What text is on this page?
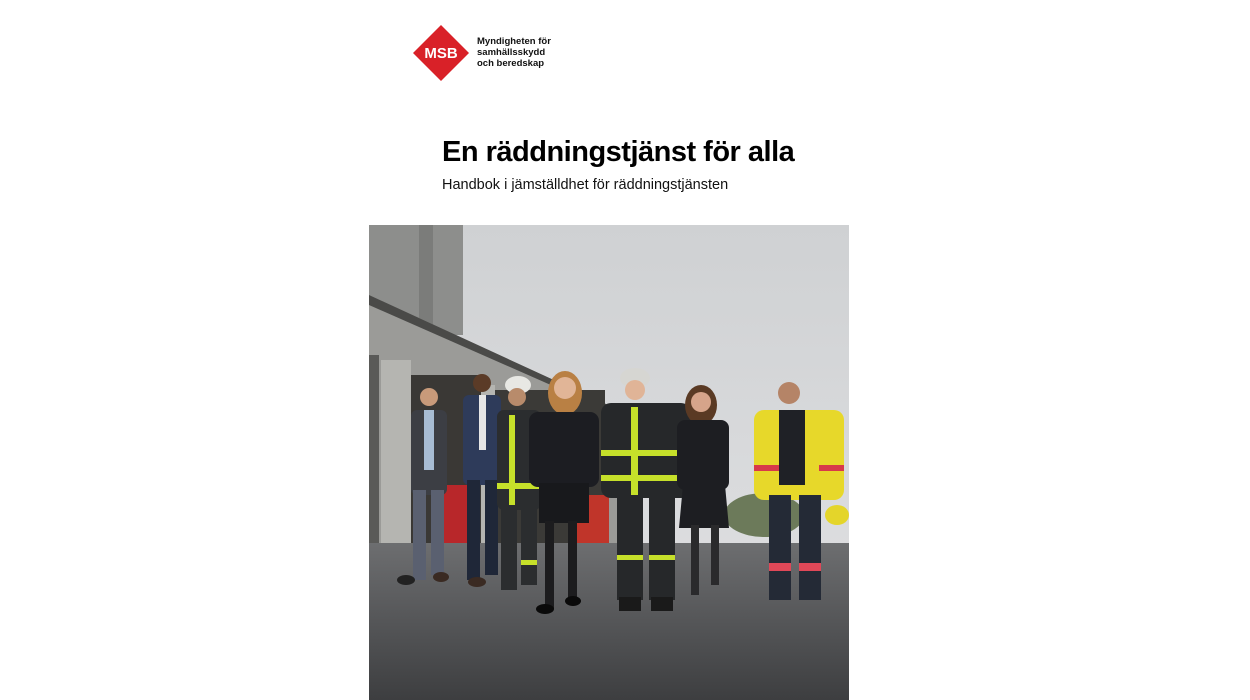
MSB
Myndigheten för
samhällsskydd
och beredskap
En räddningstjänst för alla
Handbok i jämställdhet för räddningstjänsten
